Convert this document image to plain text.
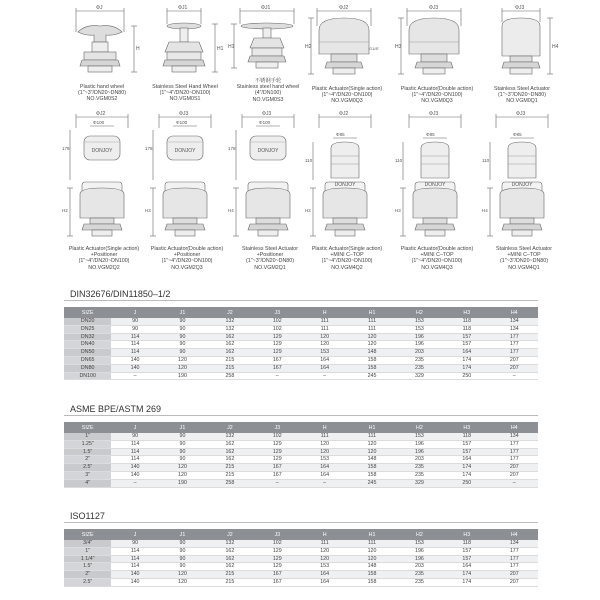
ΦJ
H
Plastic hand wheel
(1"~3"/DN20~DN80)
NO.VGM0S2
ΦJ1
H1
Stainless Steel Hand Wheel
(1"~4"/DN20~DN100)
NO.VGM0S1
ΦJ1
H1
不锈钢手轮
Stainless steel hand wheel
(4"/DN100)
NO.VGM0S3
ΦJ2
H2	G1/8"
Plastic Actuator(Single action)
(1"~4"/DN20~DN100)
NO.VGM0Q3
ΦJ3
H3
Plastic Actuator(Double action)
(1"~4"/DN20~DN100)
NO.VGM0Q3
ΦJ3
H4
Stainless Steel Actuator
(1"~3"/DN20~DN80)
NO.VGM0Q1
ΦJ2
Φ100
178
H2
DONJOY
Plastic Actuator(Single action)
+Positioner
(1"~4"/DN20~DN100)
NO.VGM2Q2
ΦJ3
Φ100
178
H3
DONJOY
Plastic Actuator(Double action)
+Positioner
(1"~4"/DN20~DN100)
NO.VGM2Q3
ΦJ3
Φ100
178
H4
DONJOY
Stainless Steel Actuator
+Positioner
(1"~3"/DN20~DN80)
NO.VGM2Q1
ΦJ2
Φ85
110
H2
DONJOY
Plastic Actuator(Single action)
+MINI C–TOP
(1"~4"/DN20~DN100)
NO.VGM4Q2
ΦJ3
Φ85
110
H3
DONJOY
Plastic Actuator(Double action)
+MINI C–TOP
(1"~4"/DN20~DN100)
NO.VGM4Q3
ΦJ3
Φ85
110
H4
DONJOY
Stainless Steel Actuator
+MINI C–TOP
(1"~3"/DN20~DN80)
NO.VGM4Q1
DIN32676/DIN11850–1/2
SIZE	J	J1	J2	J3	H	H1	H2	H3	H4
DN20	90	90	132	102	111	111	153	118	134
DN25	90	90	132	102	111	111	153	118	134
DN32	114	90	162	129	120	120	196	157	177
DN40	114	90	162	129	120	120	196	157	177
DN50	114	90	162	129	153	148	203	164	177
DN65	140	120	215	167	164	158	235	174	207
DN80	140	120	215	167	164	158	235	174	207
DN100	–	190	258	–	–	245	329	250	–
ASME BPE/ASTM 269
SIZE	J	J1	J2	J3	H	H1	H2	H3	H4
1"	90	90	132	102	111	111	153	118	134
1.25"	114	90	162	129	120	120	196	157	177
1.5"	114	90	162	129	120	120	196	157	177
2"	114	90	162	129	153	148	203	164	177
2.5"	140	120	215	167	164	158	235	174	207
3"	140	120	215	167	164	158	235	174	207
4"	–	190	258	–	–	245	329	250	–
ISO1127
SIZE	J	J1	J2	J3	H	H1	H2	H3	H4
3/4"	90	90	132	102	111	111	153	118	134
1"	114	90	162	129	120	120	196	157	177
1 1/4"	114	90	162	129	120	120	196	157	177
1.5"	114	90	162	129	153	148	203	164	177
2"	140	120	215	167	164	158	235	174	207
2.5"	140	120	215	167	164	158	235	174	207
